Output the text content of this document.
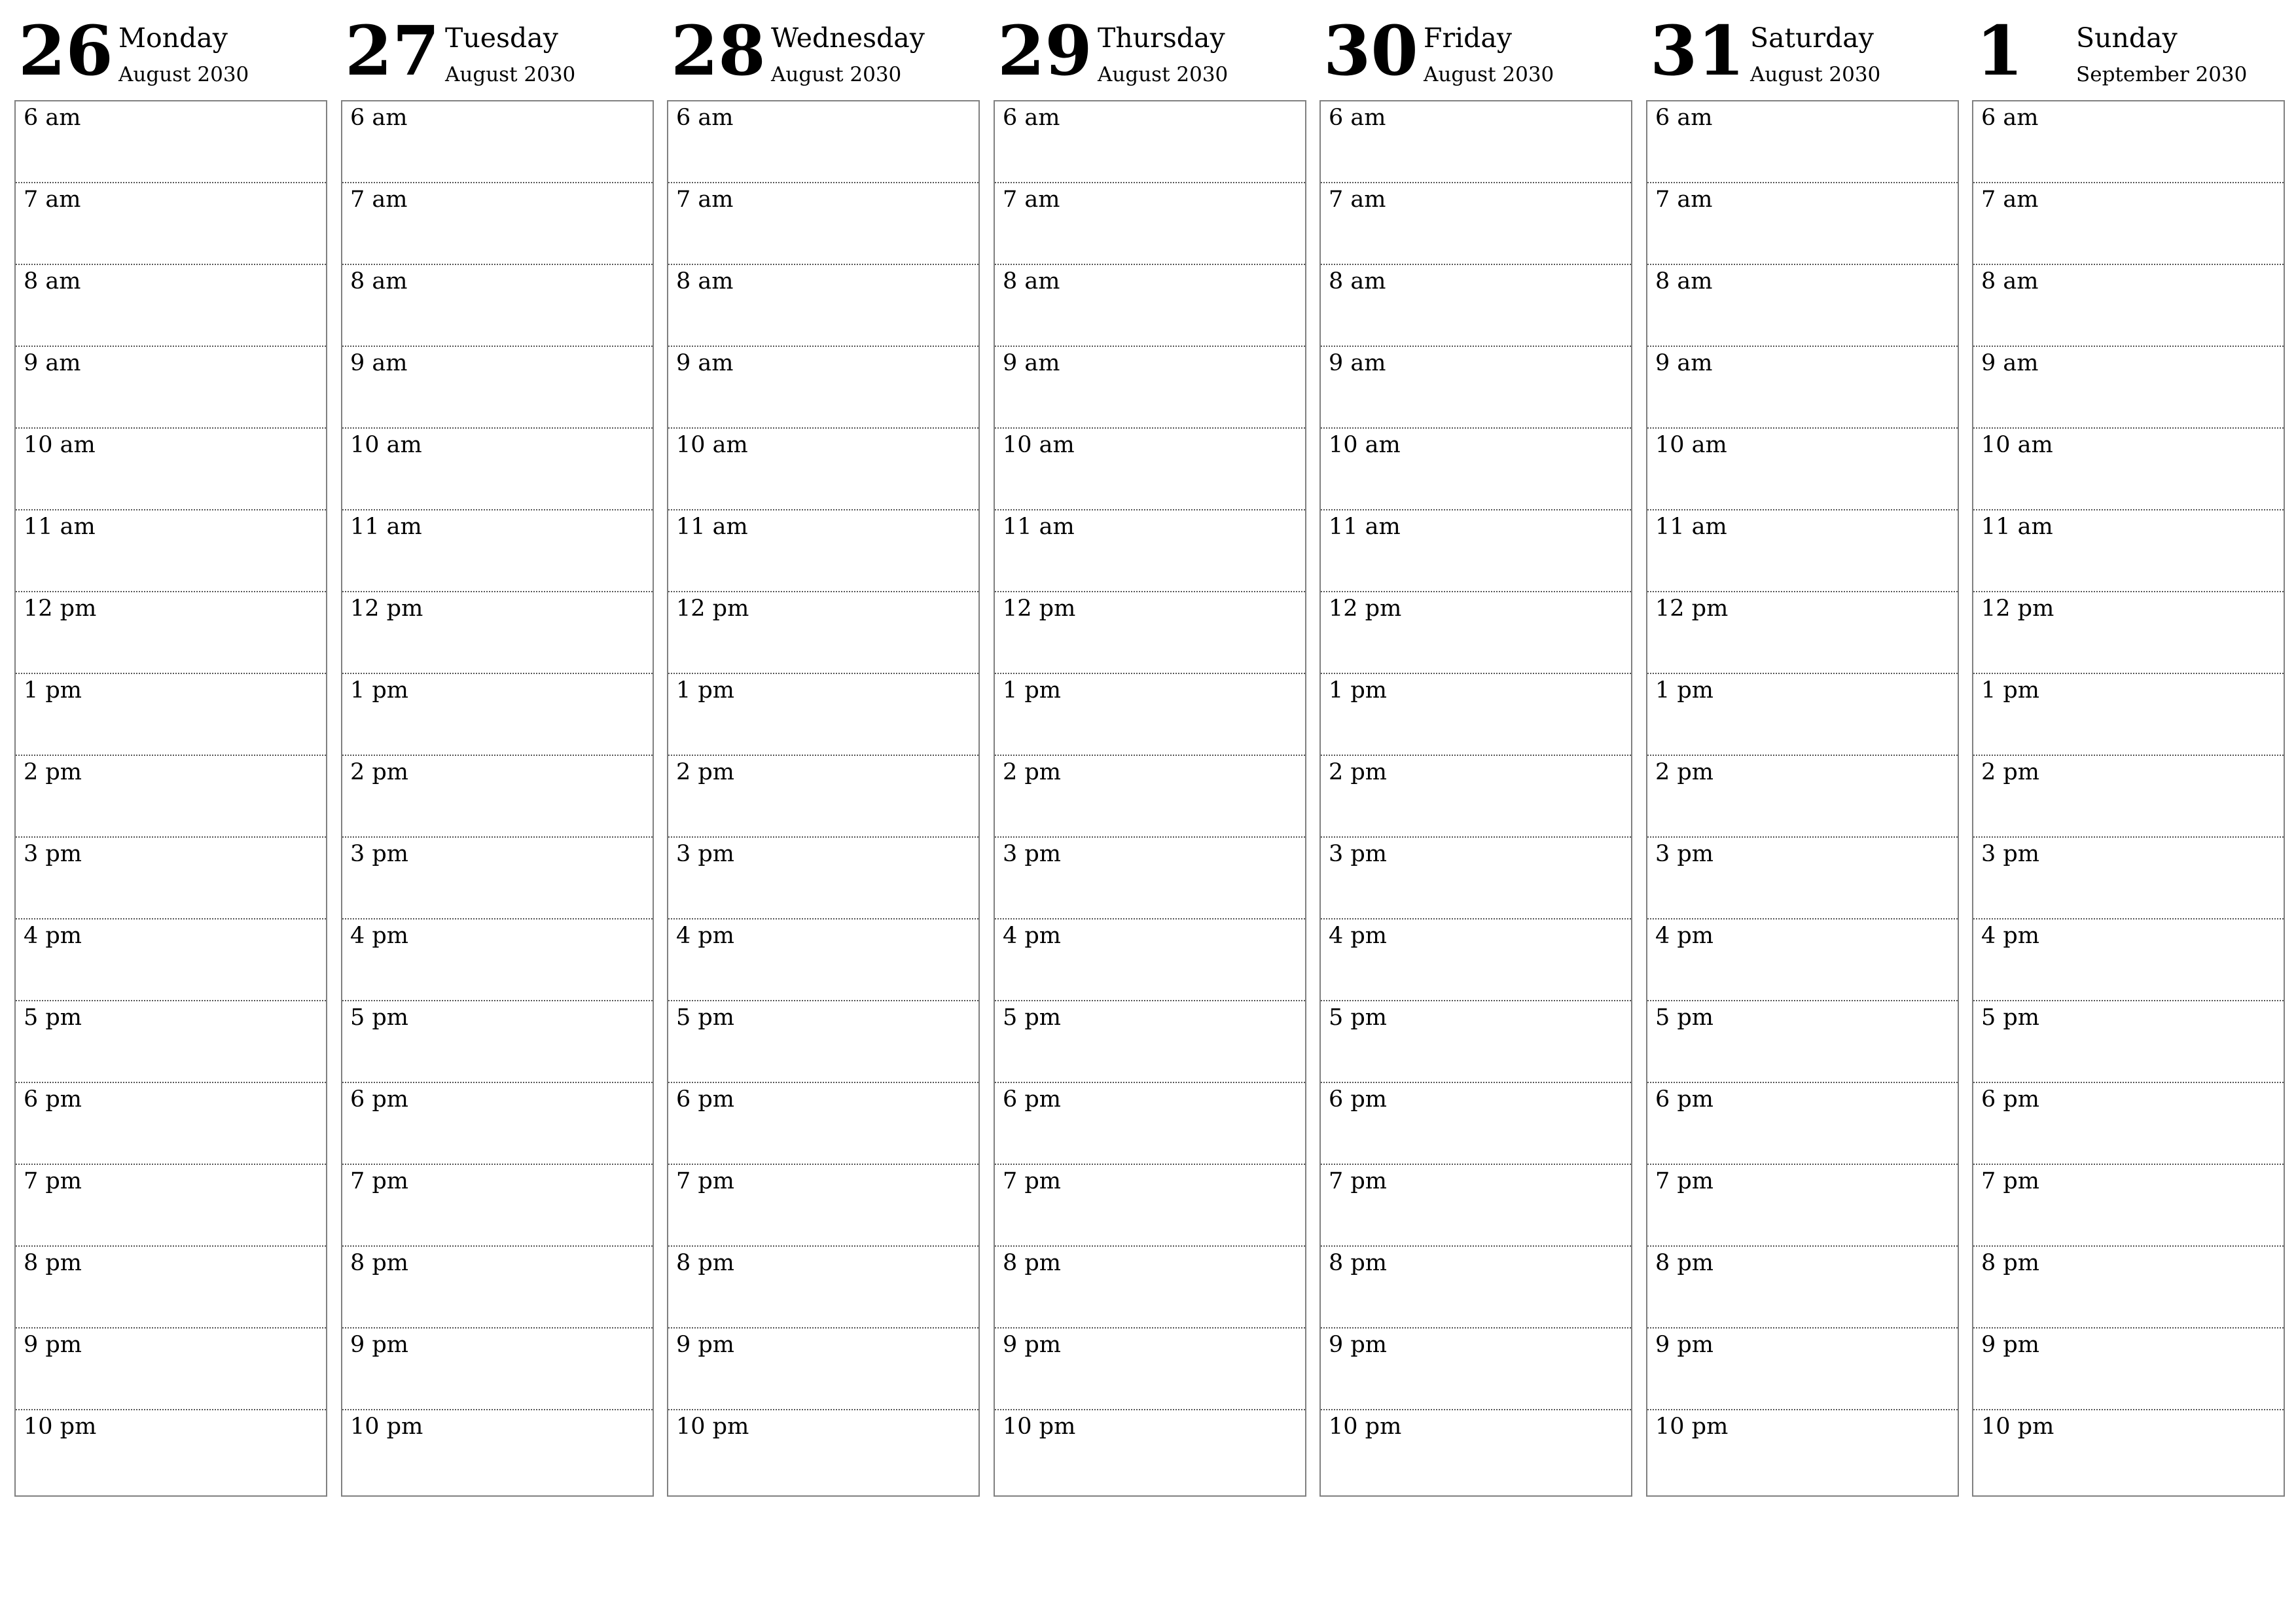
26 Monday
August 2030
6 am
7 am
8 am
9 am
10 am
11 am
12 pm
1 pm
2 pm
3 pm
4 pm
5 pm
6 pm
7 pm
8 pm
9 pm
10 pm
27 Tuesday
August 2030
6 am
7 am
8 am
9 am
10 am
11 am
12 pm
1 pm
2 pm
3 pm
4 pm
5 pm
6 pm
7 pm
8 pm
9 pm
10 pm
28 Wednesday
August 2030
6 am
7 am
8 am
9 am
10 am
11 am
12 pm
1 pm
2 pm
3 pm
4 pm
5 pm
6 pm
7 pm
8 pm
9 pm
10 pm
29 Thursday
August 2030
6 am
7 am
8 am
9 am
10 am
11 am
12 pm
1 pm
2 pm
3 pm
4 pm
5 pm
6 pm
7 pm
8 pm
9 pm
10 pm
30 Friday
August 2030
6 am
7 am
8 am
9 am
10 am
11 am
12 pm
1 pm
2 pm
3 pm
4 pm
5 pm
6 pm
7 pm
8 pm
9 pm
10 pm
31 Saturday
August 2030
6 am
7 am
8 am
9 am
10 am
11 am
12 pm
1 pm
2 pm
3 pm
4 pm
5 pm
6 pm
7 pm
8 pm
9 pm
10 pm
1 Sunday
September 2030
6 am
7 am
8 am
9 am
10 am
11 am
12 pm
1 pm
2 pm
3 pm
4 pm
5 pm
6 pm
7 pm
8 pm
9 pm
10 pm
